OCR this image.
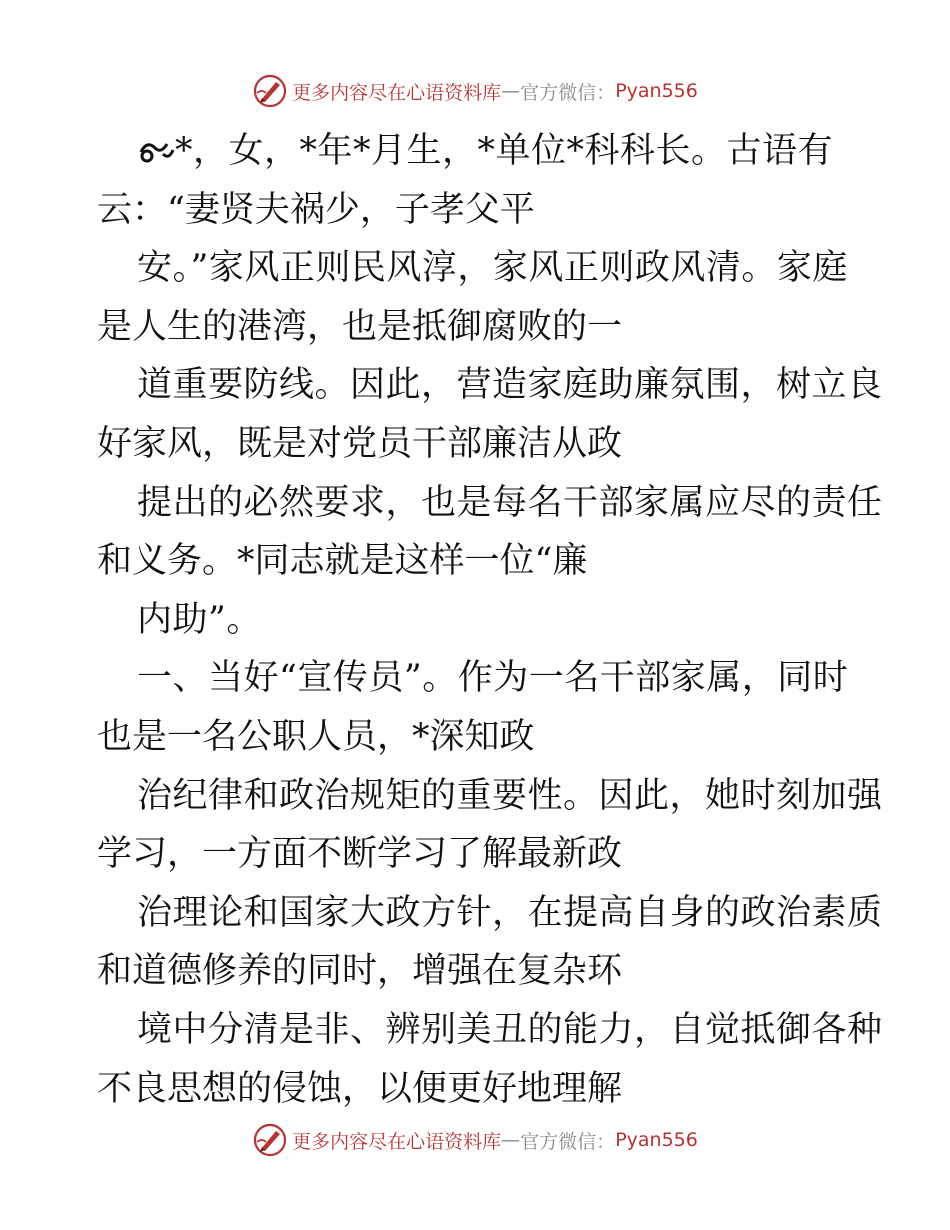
更多内容尽在心语资料库 — 官方微信： Pyan556

*，女，*年*月生，*单位*科科长。古语有
云：“妻贤夫祸少，子孝父平

安。”家风正则民风淳，家风正则政风清。家庭
是人生的港湾，也是抵御腐败的一

道重要防线。因此，营造家庭助廉氛围，树立良
好家风，既是对党员干部廉洁从政

提出的必然要求，也是每名干部家属应尽的责任
和义务。*同志就是这样一位“廉

内助”。

一、当好“宣传员”。作为一名干部家属，同时
也是一名公职人员，*深知政

治纪律和政治规矩的重要性。因此，她时刻加强
学习，一方面不断学习了解最新政

治理论和国家大政方针，在提高自身的政治素质
和道德修养的同时，增强在复杂环

境中分清是非、辨别美丑的能力，自觉抵御各种
不良思想的侵蚀，以便更好地理解

更多内容尽在心语资料库 — 官方微信： Pyan556
